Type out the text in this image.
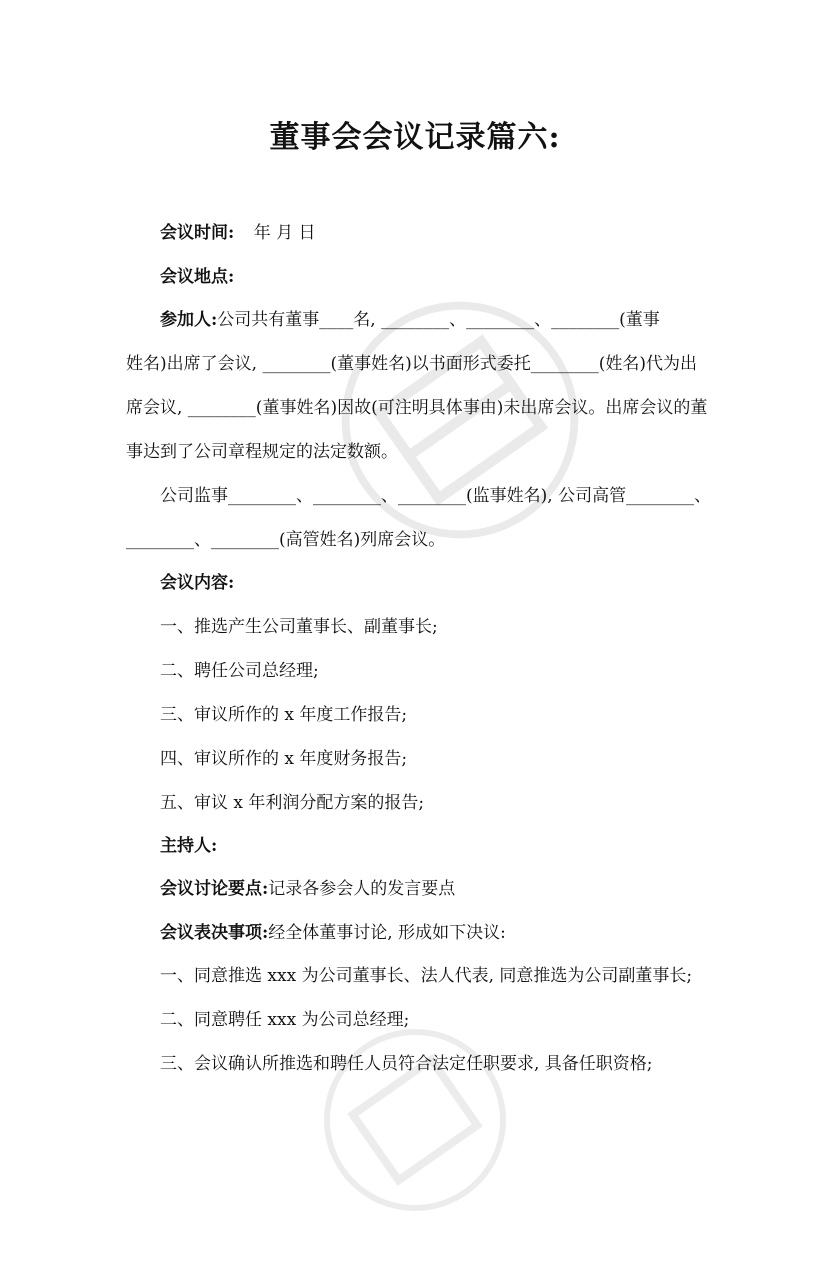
董事会会议记录篇六:
会议时间: 年 月 日
会议地点:
参加人:公司共有董事____名, ________、________、________(董事
姓名)出席了会议, ________(董事姓名)以书面形式委托________(姓名)代为出
席会议, ________(董事姓名)因故(可注明具体事由)未出席会议。出席会议的董
事达到了公司章程规定的法定数额。
公司监事________、________、________(监事姓名), 公司高管________、
________、________(高管姓名)列席会议。
会议内容:
一、推选产生公司董事长、副董事长;
二、聘任公司总经理;
三、审议所作的 x 年度工作报告;
四、审议所作的 x 年度财务报告;
五、审议 x 年利润分配方案的报告;
主持人:
会议讨论要点:记录各参会人的发言要点
会议表决事项:经全体董事讨论, 形成如下决议:
一、同意推选 xxx 为公司董事长、法人代表, 同意推选为公司副董事长;
二、同意聘任 xxx 为公司总经理;
三、会议确认所推选和聘任人员符合法定任职要求, 具备任职资格;
